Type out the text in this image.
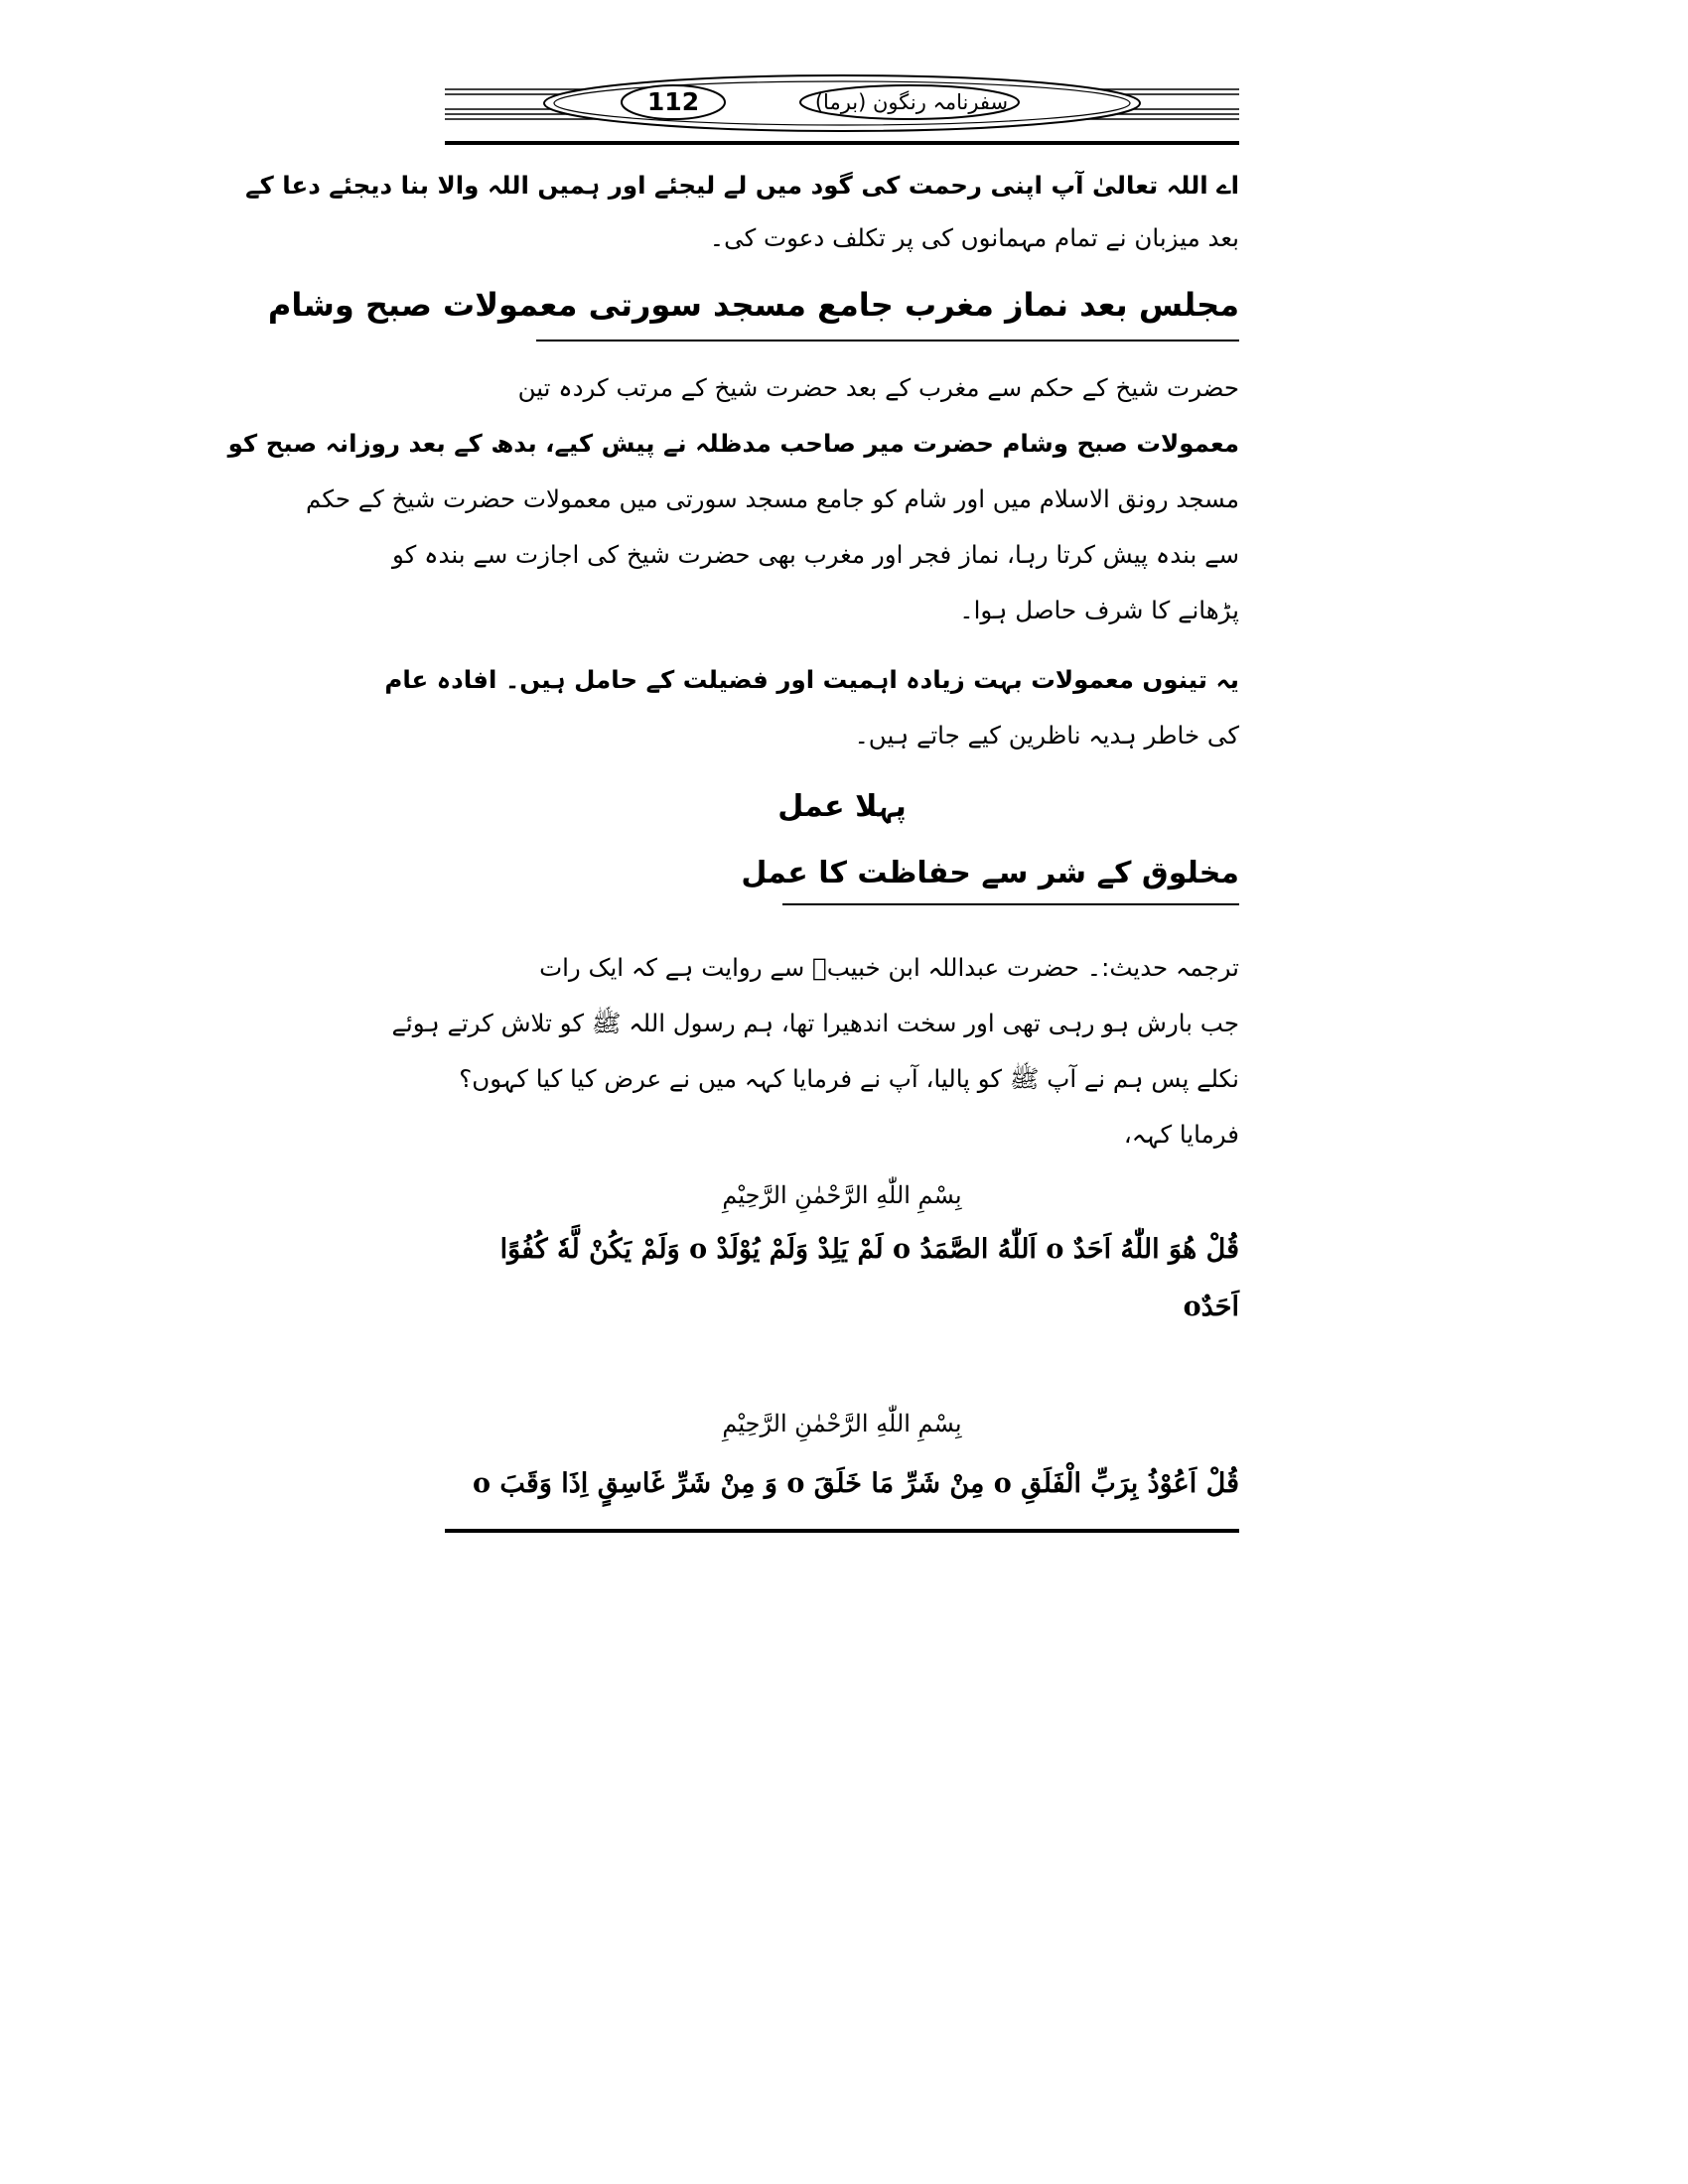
112	سفرنامہ رنگون (برما)
اے اللہ تعالیٰ آپ اپنی رحمت کی گود میں لے لیجئے اور ہمیں اللہ والا بنا دیجئے دعا کے
بعد میزبان نے تمام مہمانوں کی پر تکلف دعوت کی۔
مجلس بعد نماز مغرب جامع مسجد سورتی معمولات صبح وشام
حضرت شیخ کے حکم سے مغرب کے بعد حضرت شیخ کے مرتب کردہ تین
معمولات صبح وشام حضرت میر صاحب مدظلہ نے پیش کیے، بدھ کے بعد روزانہ صبح کو
مسجد رونق الاسلام میں اور شام کو جامع مسجد سورتی میں معمولات حضرت شیخ کے حکم
سے بندہ پیش کرتا رہا، نماز فجر اور مغرب بھی حضرت شیخ کی اجازت سے بندہ کو
پڑھانے کا شرف حاصل ہوا۔
یہ تینوں معمولات بہت زیادہ اہمیت اور فضیلت کے حامل ہیں۔ افادہ عام
کی خاطر ہدیہ ناظرین کیے جاتے ہیں۔
پہلا عمل
مخلوق کے شر سے حفاظت کا عمل
ترجمہ حدیث:۔ حضرت عبداللہ ابن خبیبؓ سے روایت ہے کہ ایک رات
جب بارش ہو رہی تھی اور سخت اندھیرا تھا، ہم رسول اللہ ﷺ کو تلاش کرتے ہوئے
نکلے پس ہم نے آپ ﷺ کو پالیا، آپ نے فرمایا کہہ میں نے عرض کیا کیا کہوں؟
فرمایا کہہ،
بِسْمِ اللّٰهِ الرَّحْمٰنِ الرَّحِيْمِ
قُلْ هُوَ اللّٰهُ اَحَدٌ o اَللّٰهُ الصَّمَدُ o لَمْ يَلِدْ وَلَمْ يُوْلَدْ o وَلَمْ يَكُنْ لَّهٗ كُفُوًا
اَحَدٌo
بِسْمِ اللّٰهِ الرَّحْمٰنِ الرَّحِيْمِ
قُلْ اَعُوْذُ بِرَبِّ الْفَلَقِ o مِنْ شَرِّ مَا خَلَقَ o وَ مِنْ شَرِّ غَاسِقٍ اِذَا وَقَبَ o
